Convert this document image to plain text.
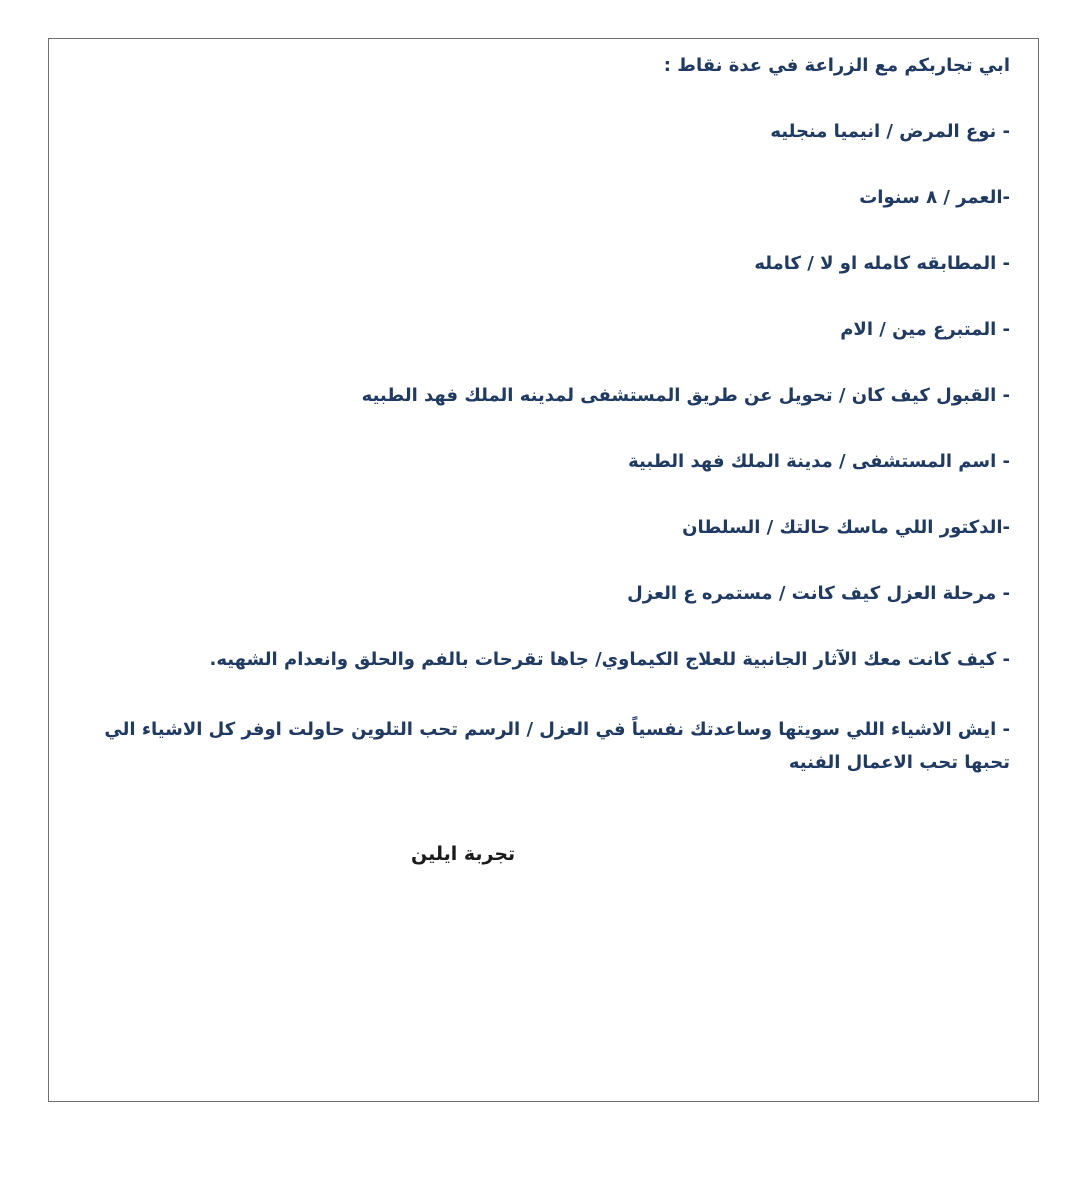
ابي تجاربكم مع الزراعة في عدة نقاط :

- نوع المرض / انيميا منجليه

-العمر / ٨ سنوات

- المطابقه كامله او لا / كامله

- المتبرع مين / الام

- القبول كيف كان / تحويل عن طريق المستشفى لمدينه الملك فهد الطبيه

- اسم المستشفى / مدينة الملك فهد الطبية

-الدكتور اللي ماسك حالتك / السلطان

- مرحلة العزل كيف كانت / مستمره ع العزل

- كيف كانت معك الآثار الجانبية للعلاج الكيماوي/ جاها تقرحات بالفم والحلق وانعدام الشهيه.

- ايش الاشياء اللي سويتها وساعدتك نفسياً في العزل / الرسم تحب التلوين حاولت اوفر كل الاشياء الي تحبها تحب الاعمال الفنيه

تجربة ايلين
